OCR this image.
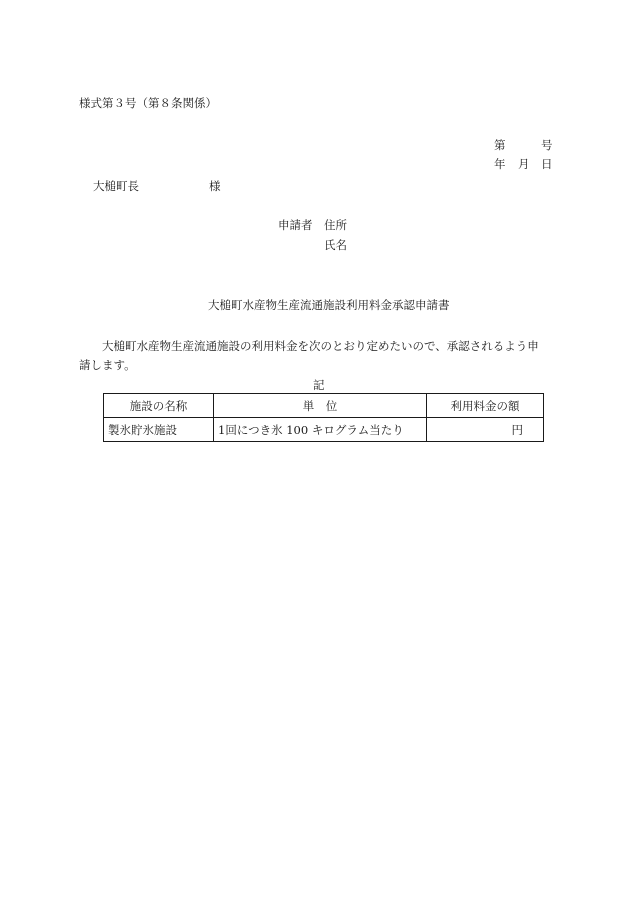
様式第３号（第８条関係）
第	号
年 月 日
大槌町長	様
申請者 住所
氏名
大槌町水産物生産流通施設利用料金承認申請書
大槌町水産物生産流通施設の利用料金を次のとおり定めたいので、承認されるよう申請します。
記
施設の名称	単　位	利用料金の額
製氷貯氷施設	1回につき氷 100 キログラム当たり	円
